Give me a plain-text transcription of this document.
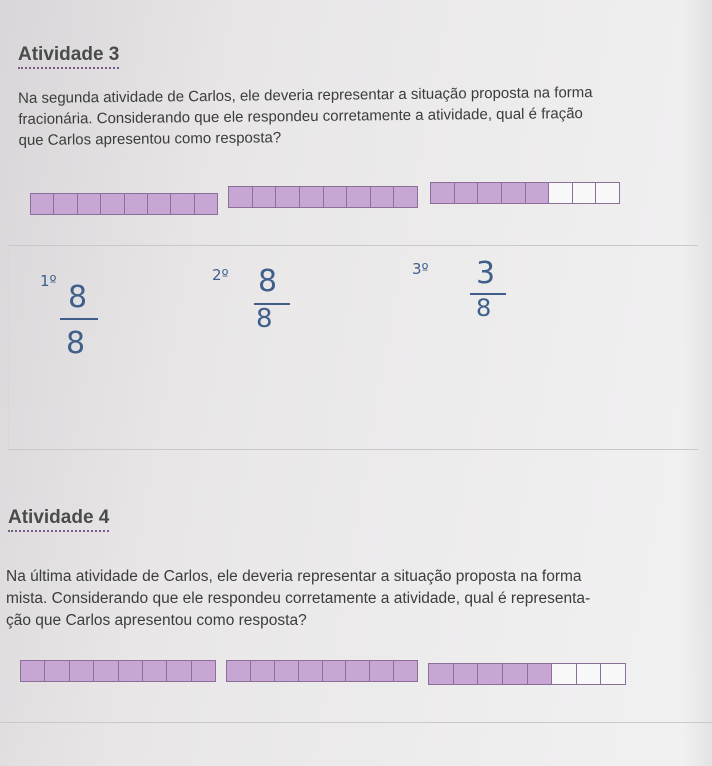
Atividade 3
Na segunda atividade de Carlos, ele deveria representar a situação proposta na forma
fracionária. Considerando que ele respondeu corretamente a atividade, qual é fração
que Carlos apresentou como resposta?
1º 8
8
2º 8
8
3º 3
8
Atividade 4
Na última atividade de Carlos, ele deveria representar a situação proposta na forma
mista. Considerando que ele respondeu corretamente a atividade, qual é representa-
ção que Carlos apresentou como resposta?
